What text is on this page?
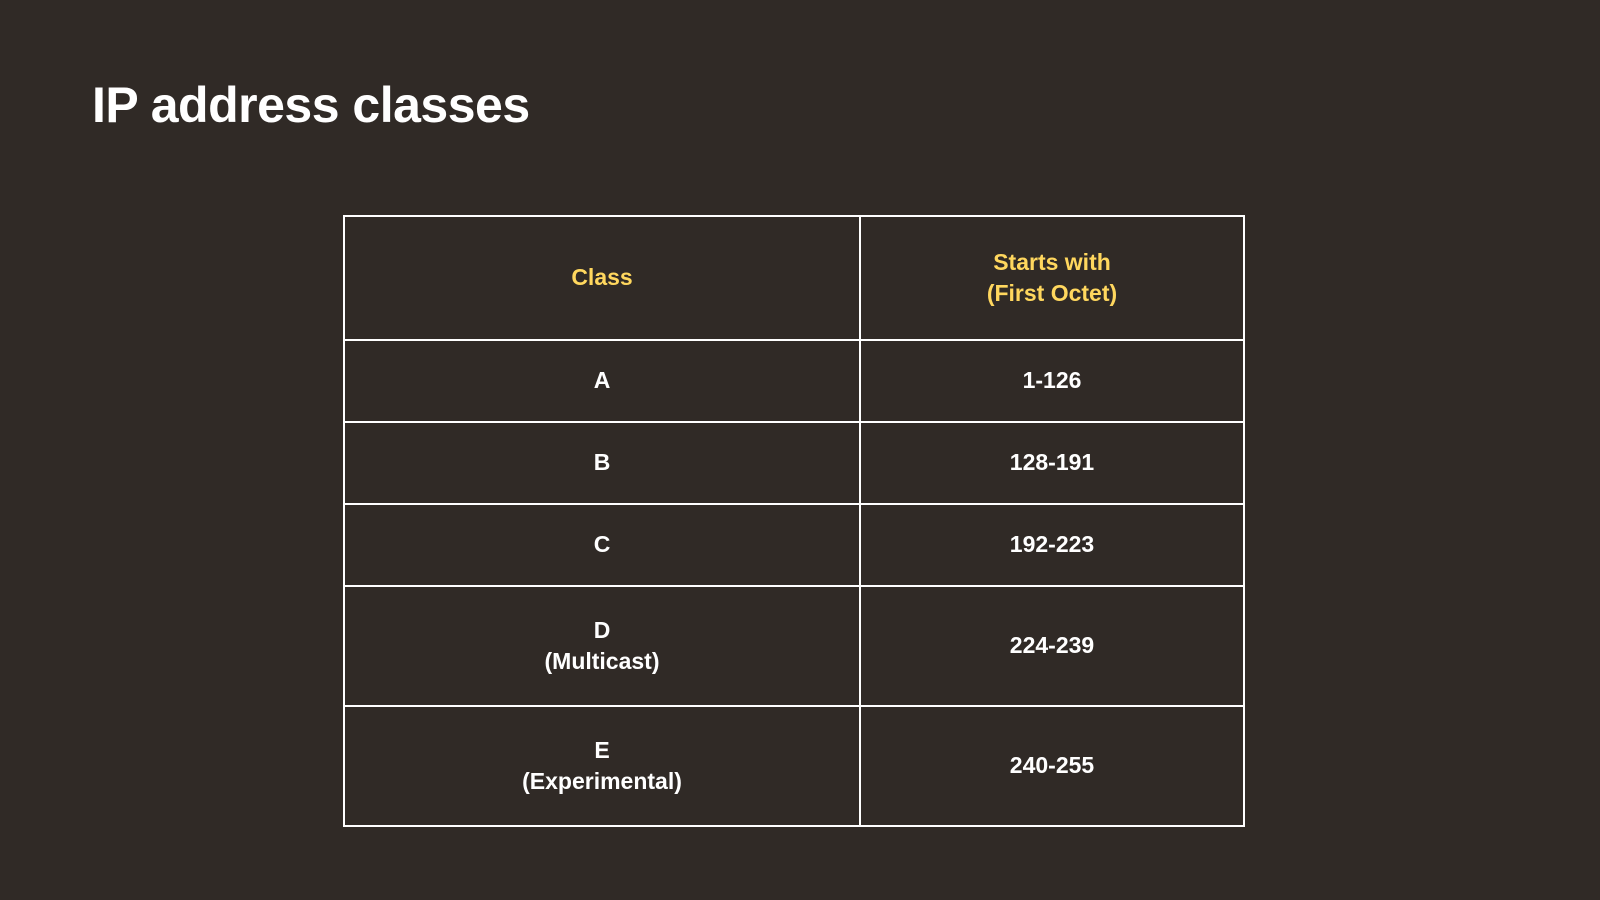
IP address classes
Class	Starts with
(First Octet)

A	1-126
B	128-191
C	192-223

D
(Multicast)	224-239

E
(Experimental)	240-255
